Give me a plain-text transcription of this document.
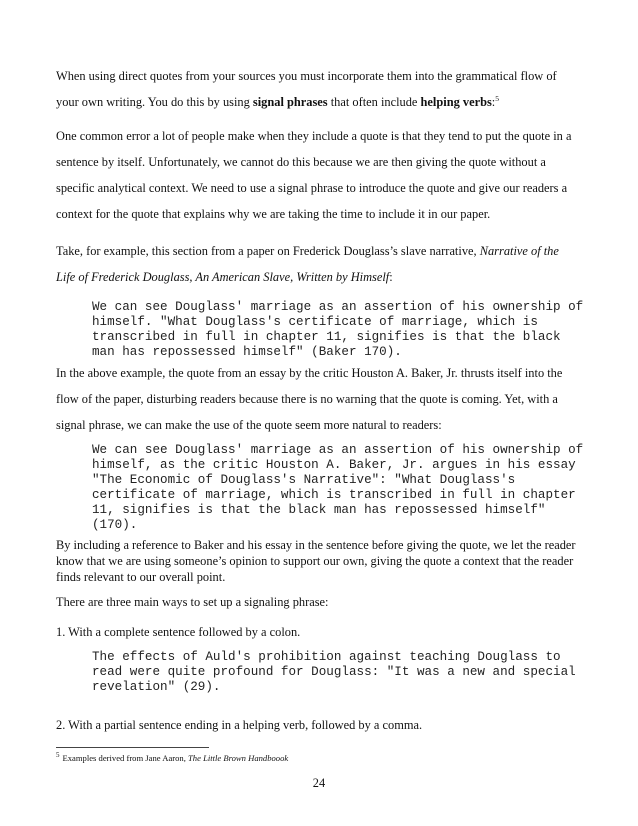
When using direct quotes from your sources you must incorporate them into the grammatical flow of
your own writing. You do this by using signal phrases that often include helping verbs:$^5$
One common error a lot of people make when they include a quote is that they tend to put the quote in a
sentence by itself. Unfortunately, we cannot do this because we are then giving the quote without a
specific analytical context. We need to use a signal phrase to introduce the quote and give our readers a
context for the quote that explains why we are taking the time to include it in our paper.
Take, for example, this section from a paper on Frederick Douglass’s slave narrative, Narrative of the
Life of Frederick Douglass, An American Slave, Written by Himself:
We can see Douglass' marriage as an assertion of his ownership of
himself. "What Douglass's certificate of marriage, which is
transcribed in full in chapter 11, signifies is that the black
man has repossessed himself" (Baker 170).
In the above example, the quote from an essay by the critic Houston A. Baker, Jr. thrusts itself into the
flow of the paper, disturbing readers because there is no warning that the quote is coming. Yet, with a
signal phrase, we can make the use of the quote seem more natural to readers:
We can see Douglass' marriage as an assertion of his ownership of
himself, as the critic Houston A. Baker, Jr. argues in his essay
"The Economic of Douglass's Narrative": "What Douglass's
certificate of marriage, which is transcribed in full in chapter
11, signifies is that the black man has repossessed himself"
(170).
By including a reference to Baker and his essay in the sentence before giving the quote, we let the reader
know that we are using someone’s opinion to support our own, giving the quote a context that the reader
finds relevant to our overall point.
There are three main ways to set up a signaling phrase:
1. With a complete sentence followed by a colon.
The effects of Auld's prohibition against teaching Douglass to
read were quite profound for Douglass: "It was a new and special
revelation" (29).
2. With a partial sentence ending in a helping verb, followed by a comma.
$^5$ Examples derived from Jane Aaron, The Little Brown Handboook
24
